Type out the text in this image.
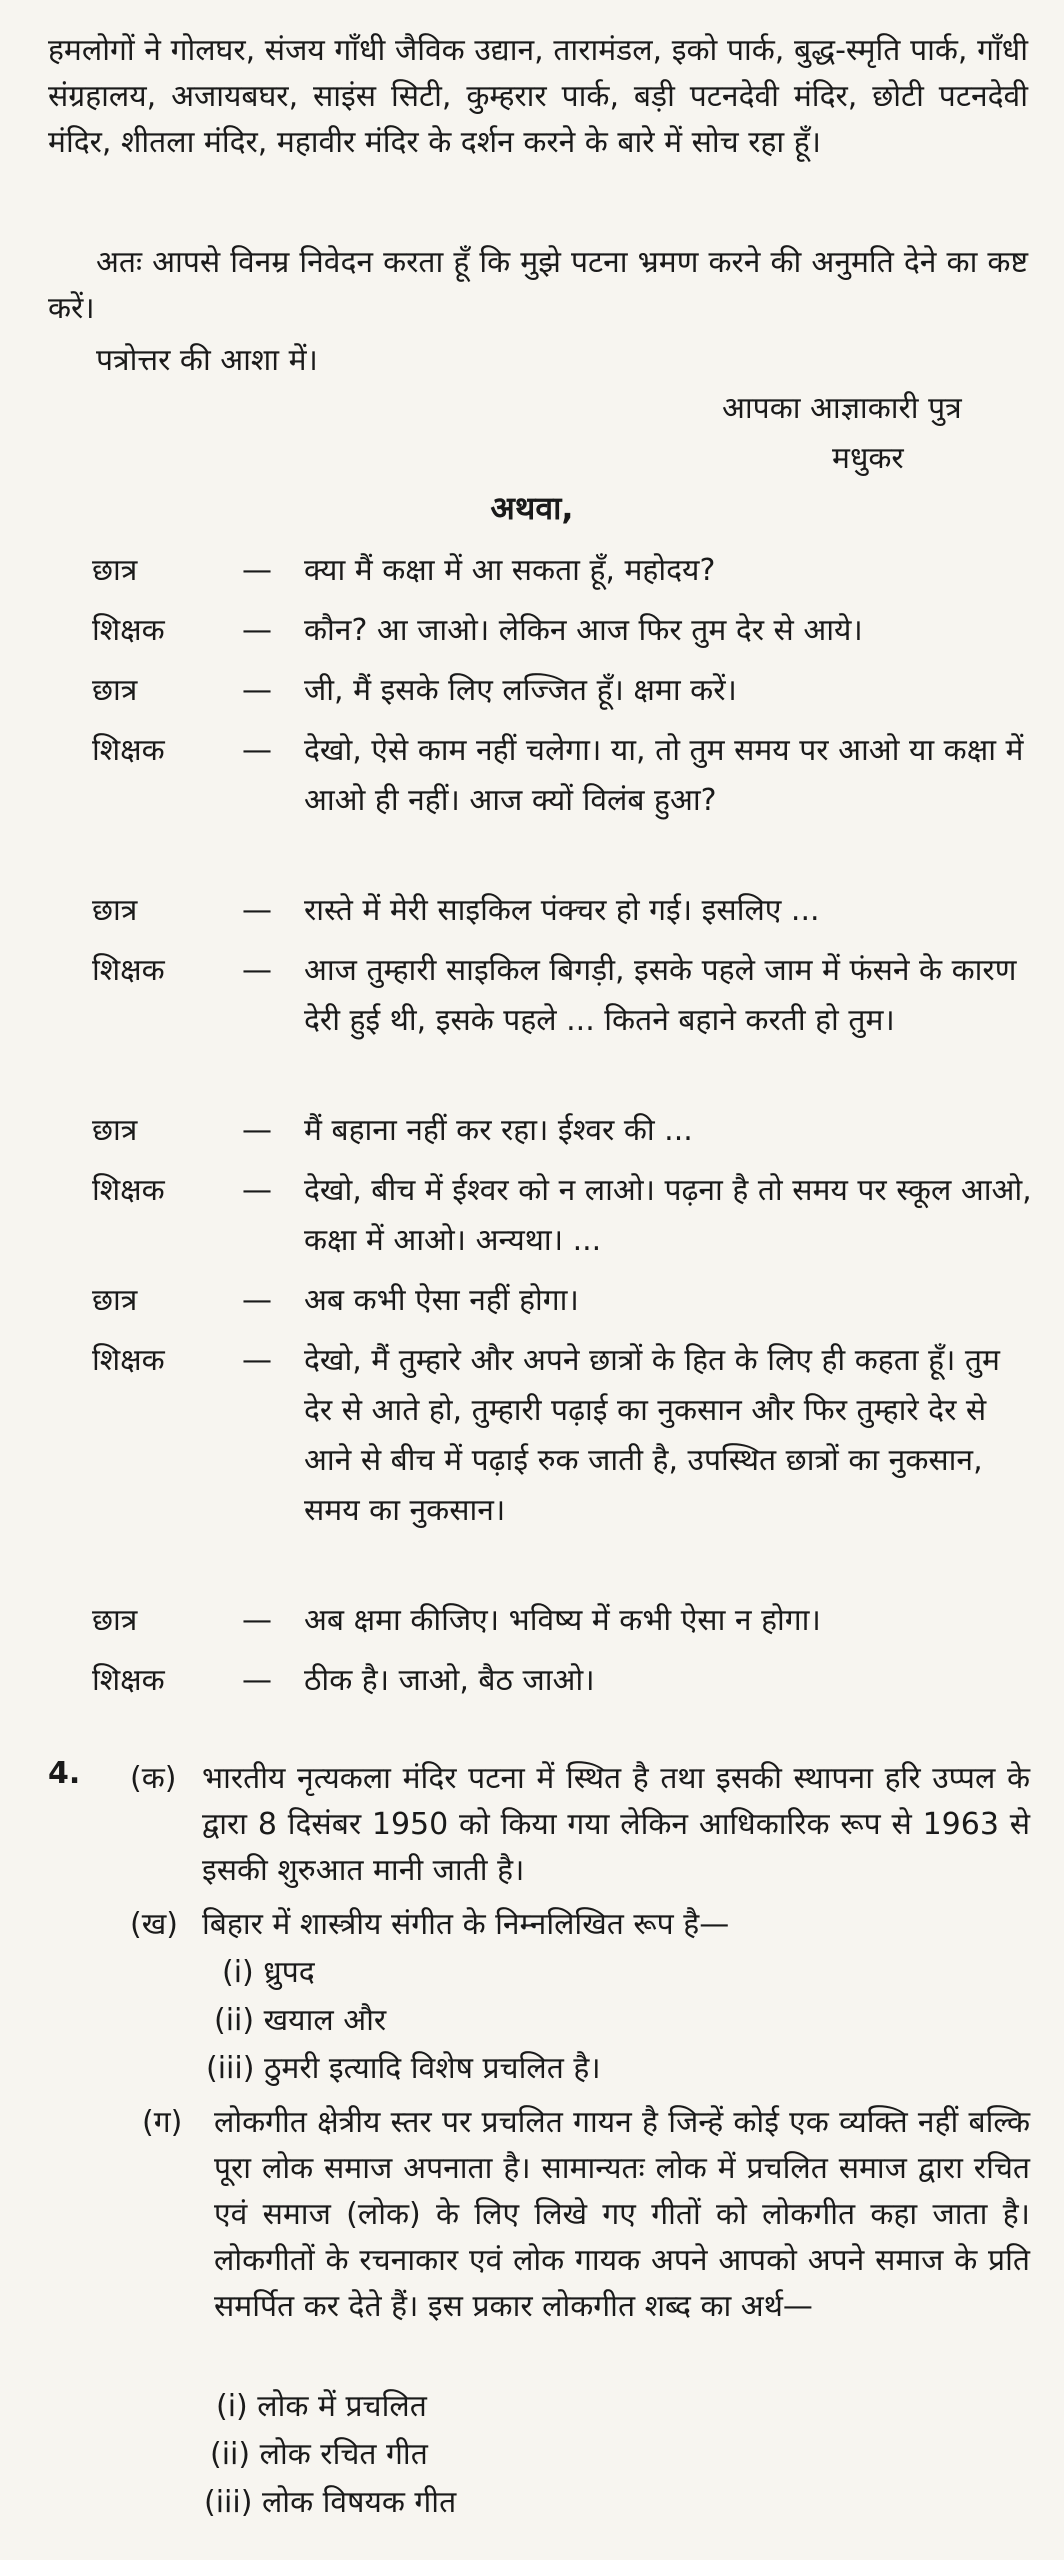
हमलोगों ने गोलघर, संजय गाँधी जैविक उद्यान, तारामंडल, इको पार्क, बुद्ध-स्मृति पार्क, गाँधी संग्रहालय, अजायबघर, साइंस सिटी, कुम्हरार पार्क, बड़ी पटनदेवी मंदिर, छोटी पटनदेवी मंदिर, शीतला मंदिर, महावीर मंदिर के दर्शन करने के बारे में सोच रहा हूँ।
अतः आपसे विनम्र निवेदन करता हूँ कि मुझे पटना भ्रमण करने की अनुमति देने का कष्ट करें।
पत्रोत्तर की आशा में।
आपका आज्ञाकारी पुत्र
मधुकर
अथवा,
छात्र	—	क्या मैं कक्षा में आ सकता हूँ, महोदय?
शिक्षक	—	कौन? आ जाओ। लेकिन आज फिर तुम देर से आये।
छात्र	—	जी, मैं इसके लिए लज्जित हूँ। क्षमा करें।
शिक्षक	—	देखो, ऐसे काम नहीं चलेगा। या, तो तुम समय पर आओ या कक्षा में आओ ही नहीं। आज क्यों विलंब हुआ?
छात्र	—	रास्ते में मेरी साइकिल पंक्चर हो गई। इसलिए ...
शिक्षक	—	आज तुम्हारी साइकिल बिगड़ी, इसके पहले जाम में फंसने के कारण देरी हुई थी, इसके पहले ... कितने बहाने करती हो तुम।
छात्र	—	मैं बहाना नहीं कर रहा। ईश्वर की ...
शिक्षक	—	देखो, बीच में ईश्वर को न लाओ। पढ़ना है तो समय पर स्कूल आओ, कक्षा में आओ। अन्यथा। ...
छात्र	—	अब कभी ऐसा नहीं होगा।
शिक्षक	—	देखो, मैं तुम्हारे और अपने छात्रों के हित के लिए ही कहता हूँ। तुम देर से आते हो, तुम्हारी पढ़ाई का नुकसान और फिर तुम्हारे देर से आने से बीच में पढ़ाई रुक जाती है, उपस्थित छात्रों का नुकसान, समय का नुकसान।
छात्र	—	अब क्षमा कीजिए। भविष्य में कभी ऐसा न होगा।
शिक्षक	—	ठीक है। जाओ, बैठ जाओ।
4. (क) भारतीय नृत्यकला मंदिर पटना में स्थित है तथा इसकी स्थापना हरि उप्पल के द्वारा 8 दिसंबर 1950 को किया गया लेकिन आधिकारिक रूप से 1963 से इसकी शुरुआत मानी जाती है।
(ख) बिहार में शास्त्रीय संगीत के निम्नलिखित रूप है—
(i) ध्रुपद
(ii) खयाल और
(iii) ठुमरी इत्यादि विशेष प्रचलित है।
(ग)	लोकगीत क्षेत्रीय स्तर पर प्रचलित गायन है जिन्हें कोई एक व्यक्ति नहीं बल्कि पूरा लोक समाज अपनाता है। सामान्यतः लोक में प्रचलित समाज द्वारा रचित एवं समाज (लोक) के लिए लिखे गए गीतों को लोकगीत कहा जाता है। लोकगीतों के रचनाकार एवं लोक गायक अपने आपको अपने समाज के प्रति समर्पित कर देते हैं। इस प्रकार लोकगीत शब्द का अर्थ—
(i) लोक में प्रचलित
(ii) लोक रचित गीत
(iii) लोक विषयक गीत
